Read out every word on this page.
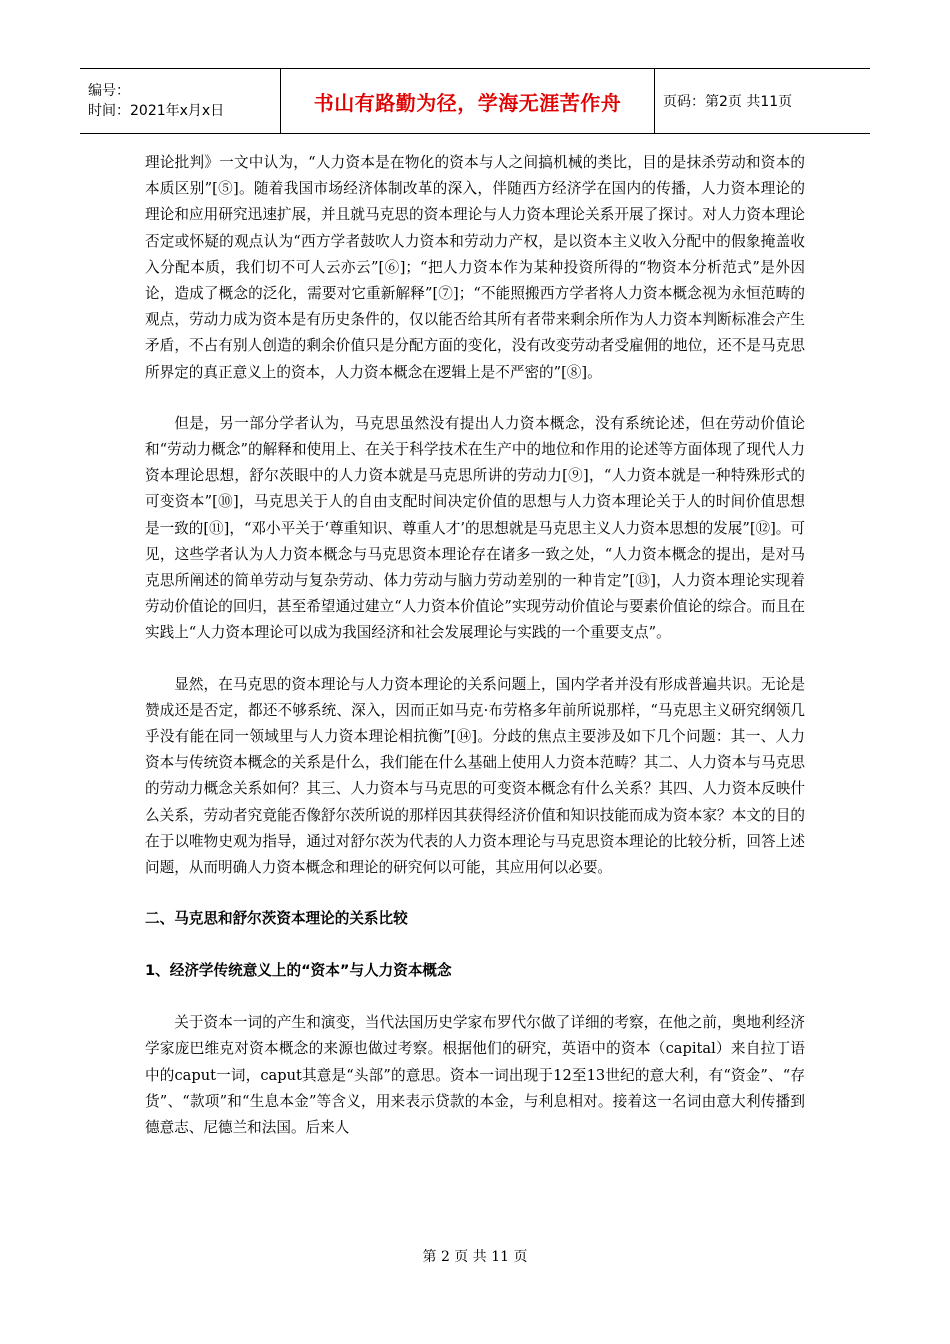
编号：
时间：2021年x月x日	书山有路勤为径，学海无涯苦作舟	页码：第2页 共11页

理论批判》一文中认为，“人力资本是在物化的资本与人之间搞机械的类比，目的是抹杀劳动和资本的本质区别”[⑤]。随着我国市场经济体制改革的深入，伴随西方经济学在国内的传播，人力资本理论的理论和应用研究迅速扩展，并且就马克思的资本理论与人力资本理论关系开展了探讨。对人力资本理论否定或怀疑的观点认为“西方学者鼓吹人力资本和劳动力产权，是以资本主义收入分配中的假象掩盖收入分配本质，我们切不可人云亦云”[⑥]；“把人力资本作为某种投资所得的“物资本分析范式”是外因论，造成了概念的泛化，需要对它重新解释”[⑦]；“不能照搬西方学者将人力资本概念视为永恒范畴的观点，劳动力成为资本是有历史条件的，仅以能否给其所有者带来剩余所作为人力资本判断标准会产生矛盾，不占有别人创造的剩余价值只是分配方面的变化，没有改变劳动者受雇佣的地位，还不是马克思所界定的真正意义上的资本，人力资本概念在逻辑上是不严密的”[⑧]。

但是，另一部分学者认为，马克思虽然没有提出人力资本概念，没有系统论述，但在劳动价值论和“劳动力概念”的解释和使用上、在关于科学技术在生产中的地位和作用的论述等方面体现了现代人力资本理论思想，舒尔茨眼中的人力资本就是马克思所讲的劳动力[⑨]，“人力资本就是一种特殊形式的可变资本”[⑩]，马克思关于人的自由支配时间决定价值的思想与人力资本理论关于人的时间价值思想是一致的[⑪]，“邓小平关于‘尊重知识、尊重人才’的思想就是马克思主义人力资本思想的发展”[⑫]。可见，这些学者认为人力资本概念与马克思资本理论存在诸多一致之处，“人力资本概念的提出，是对马克思所阐述的简单劳动与复杂劳动、体力劳动与脑力劳动差别的一种肯定”[⑬]，人力资本理论实现着劳动价值论的回归，甚至希望通过建立“人力资本价值论”实现劳动价值论与要素价值论的综合。而且在实践上“人力资本理论可以成为我国经济和社会发展理论与实践的一个重要支点”。

显然，在马克思的资本理论与人力资本理论的关系问题上，国内学者并没有形成普遍共识。无论是赞成还是否定，都还不够系统、深入，因而正如马克·布劳格多年前所说那样，“马克思主义研究纲领几乎没有能在同一领域里与人力资本理论相抗衡”[⑭]。分歧的焦点主要涉及如下几个问题：其一、人力资本与传统资本概念的关系是什么，我们能在什么基础上使用人力资本范畴？其二、人力资本与马克思的劳动力概念关系如何？其三、人力资本与马克思的可变资本概念有什么关系？其四、人力资本反映什么关系，劳动者究竟能否像舒尔茨所说的那样因其获得经济价值和知识技能而成为资本家？本文的目的在于以唯物史观为指导，通过对舒尔茨为代表的人力资本理论与马克思资本理论的比较分析，回答上述问题，从而明确人力资本概念和理论的研究何以可能，其应用何以必要。

二、马克思和舒尔茨资本理论的关系比较
1、经济学传统意义上的“资本”与人力资本概念

关于资本一词的产生和演变，当代法国历史学家布罗代尔做了详细的考察，在他之前，奥地利经济学家庞巴维克对资本概念的来源也做过考察。根据他们的研究，英语中的资本（capital）来自拉丁语中的caput一词，caput其意是“头部”的意思。资本一词出现于12至13世纪的意大利，有“资金”、“存货”、“款项”和“生息本金”等含义，用来表示贷款的本金，与利息相对。接着这一名词由意大利传播到德意志、尼德兰和法国。后来人

第 2 页 共 11 页
